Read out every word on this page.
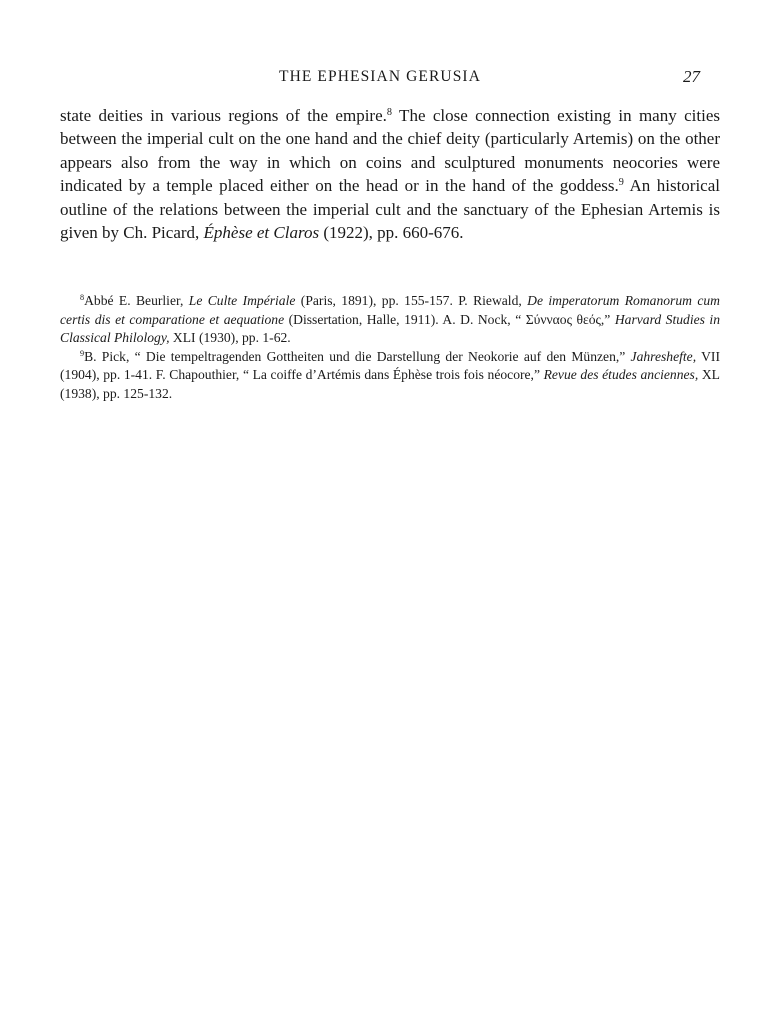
THE EPHESIAN GERUSIA	27

state deities in various regions of the empire.$^8$ The close connection existing in many cities between the imperial cult on the one hand and the chief deity (particularly Artemis) on the other appears also from the way in which on coins and sculptured monuments neocories were indicated by a temple placed either on the head or in the hand of the goddess.$^9$ An historical outline of the relations between the imperial cult and the sanctuary of the Ephesian Artemis is given by Ch. Picard, Éphèse et Claros (1922), pp. 660-676.

$^8$Abbé E. Beurlier, Le Culte Impériale (Paris, 1891), pp. 155-157. P. Riewald, De imperatorum Romanorum cum certis dis et comparatione et aequatione (Dissertation, Halle, 1911). A. D. Nock, “ Σύνναος θεός,” Harvard Studies in Classical Philology, XLI (1930), pp. 1-62.

$^9$B. Pick, “ Die tempeltragenden Gottheiten und die Darstellung der Neokorie auf den Münzen,” Jahreshefte, VII (1904), pp. 1-41. F. Chapouthier, “ La coiffe d’Artémis dans Éphèse trois fois néocore,” Revue des études anciennes, XL (1938), pp. 125-132.
